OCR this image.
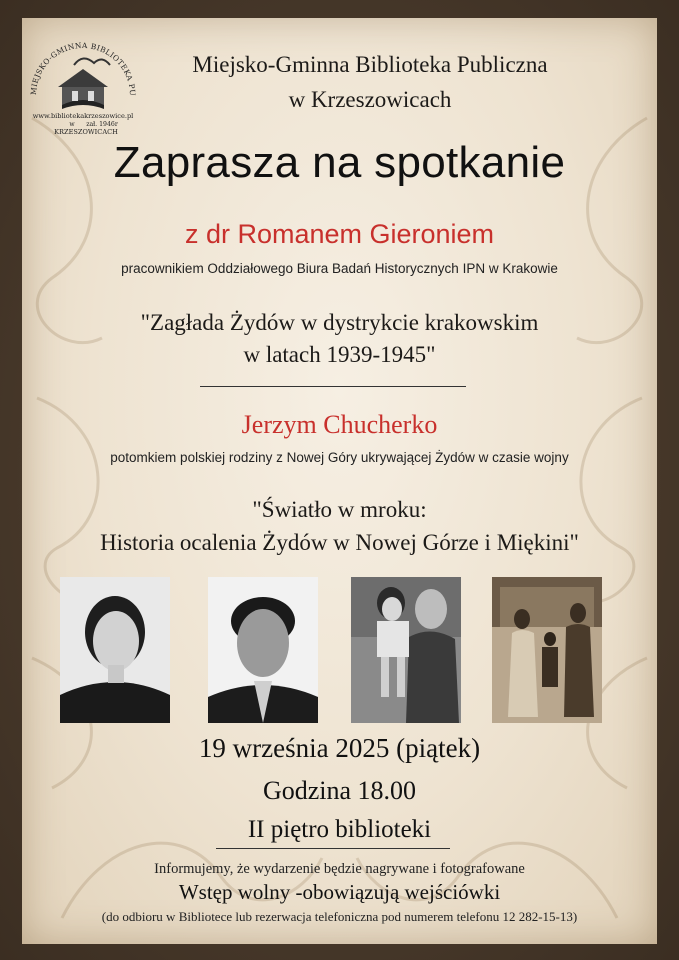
MIEJSKO-GMINNA BIBLIOTEKA PU
www.bibliotekakrzeszowice.pl
zał. 1946r
w
KRZESZOWICACH
Miejsko-Gminna Biblioteka Publiczna
w Krzeszowicach
Zaprasza na spotkanie
z dr Romanem Gieroniem
pracownikiem Oddziałowego Biura Badań Historycznych IPN w Krakowie
"Zagłada Żydów w dystrykcie krakowskim
w latach 1939-1945"
Jerzym Chucherko
potomkiem polskiej rodziny z Nowej Góry ukrywającej Żydów w czasie wojny
"Światło w mroku:
Historia ocalenia Żydów w Nowej Górze i Miękini"
19 września 2025 (piątek)
Godzina 18.00
II piętro biblioteki
Informujemy, że wydarzenie będzie nagrywane i fotografowane
Wstęp wolny -obowiązują wejściówki
(do odbioru w Bibliotece lub rezerwacja telefoniczna pod numerem telefonu 12 282-15-13)
